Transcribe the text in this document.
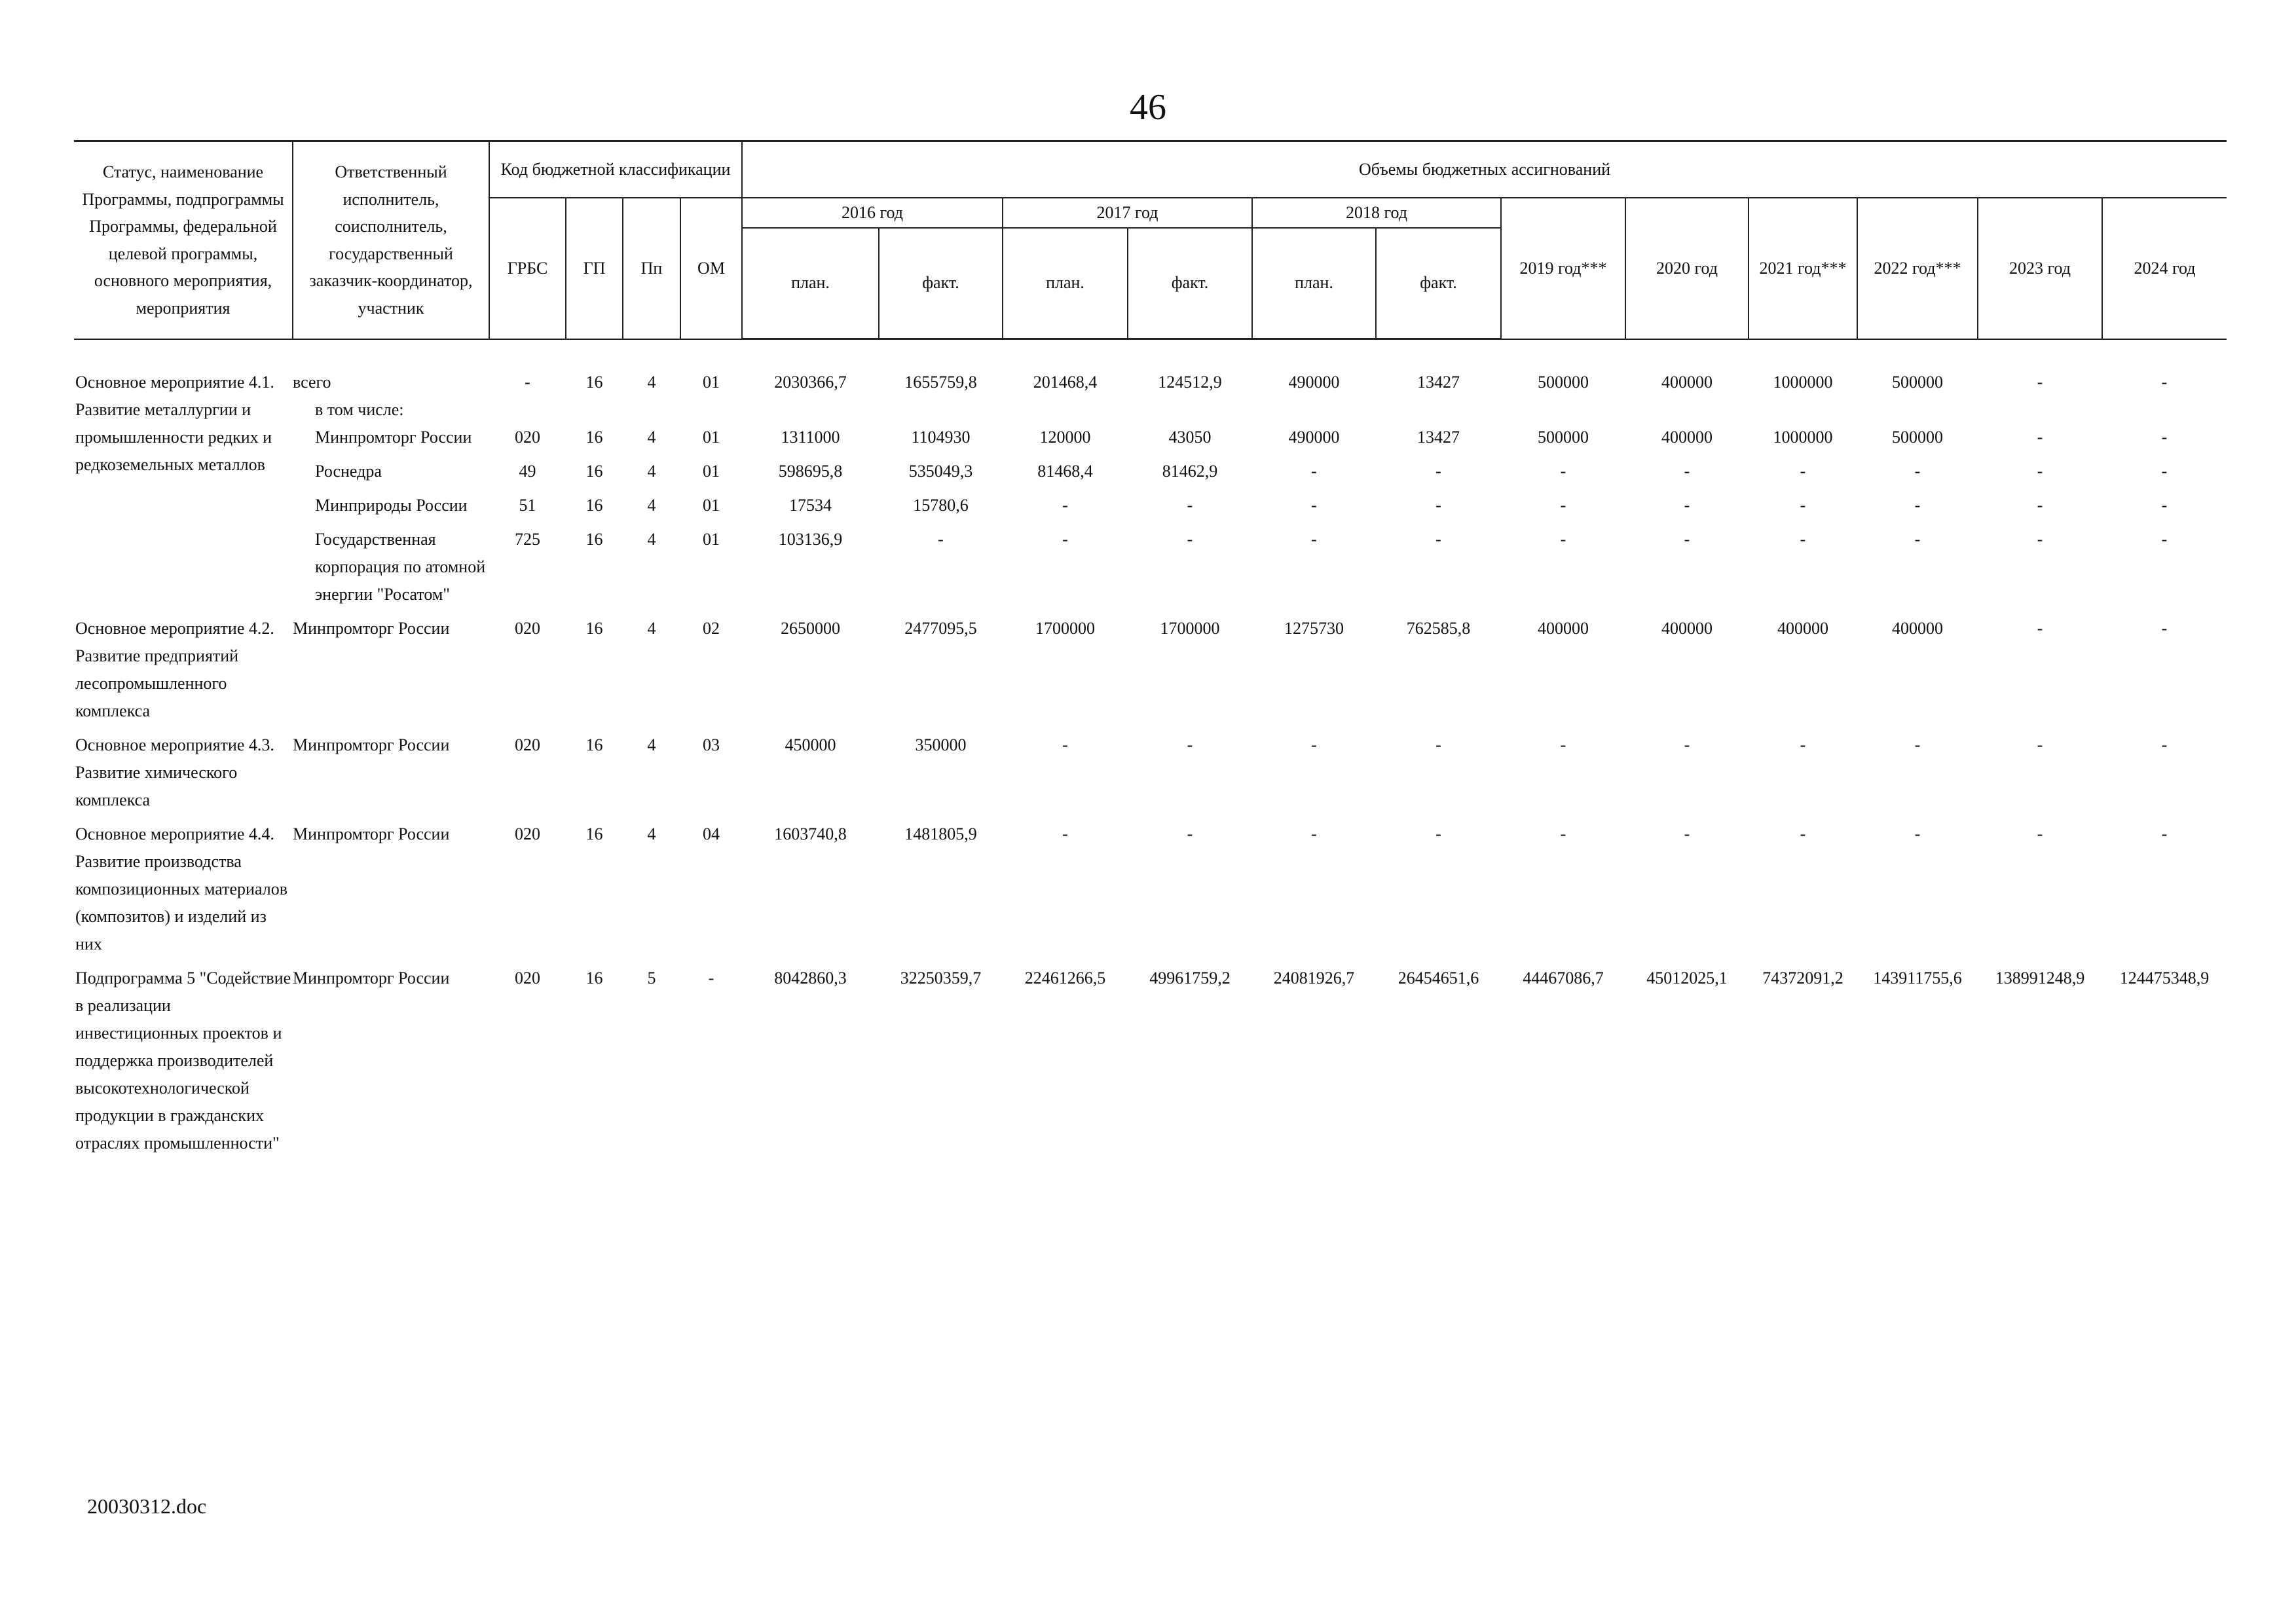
46
Статус, наименование Программы, подпрограммы Программы, федеральной целевой программы, основного мероприятия, мероприятия	Ответственный исполнитель, соисполнитель, государственный заказчик-координатор, участник	Код бюджетной классификации				Объемы бюджетных ассигнований											
		ГРБС	ГП	Пп	ОМ	2016 год		2017 год		2018 год		2019 год***	2020 год	2021 год***	2022 год***	2023 год	2024 год
						план.	факт.	план.	факт.	план.	факт.						
Основное мероприятие 4.1. Развитие металлургии и промышленности редких и редкоземельных металлов	всего	-	16	4	01	2030366,7	1655759,8	201468,4	124512,9	490000	13427	500000	400000	1000000	500000	-	-

	в том числе:																

	Минпромторг России	020	16	4	01	1311000	1104930	120000	43050	490000	13427	500000	400000	1000000	500000	-	-

	Роснедра	49	16	4	01	598695,8	535049,3	81468,4	81462,9	-	-	-	-	-	-	-	-

	Минприроды России	51	16	4	01	17534	15780,6	-	-	-	-	-	-	-	-	-	-

	Государственная корпорация по атомной энергии "Росатом"	725	16	4	01	103136,9	-	-	-	-	-	-	-	-	-	-	-
Основное мероприятие 4.2. Развитие предприятий лесопромышленного комплекса	Минпромторг России	020	16	4	02	2650000	2477095,5	1700000	1700000	1275730	762585,8	400000	400000	400000	400000	-	-
Основное мероприятие 4.3. Развитие химического комплекса	Минпромторг России	020	16	4	03	450000	350000	-	-	-	-	-	-	-	-	-	-
Основное мероприятие 4.4. Развитие производства композиционных материалов (композитов) и изделий из них	Минпромторг России	020	16	4	04	1603740,8	1481805,9	-	-	-	-	-	-	-	-	-	-
Подпрограмма 5 "Содействие в реализации инвестиционных проектов и поддержка производителей высокотехнологической продукции в гражданских отраслях промышленности"	Минпромторг России	020	16	5	-	8042860,3	32250359,7	22461266,5	49961759,2	24081926,7	26454651,6	44467086,7	45012025,1	74372091,2	143911755,6	138991248,9	124475348,9
20030312.doc
